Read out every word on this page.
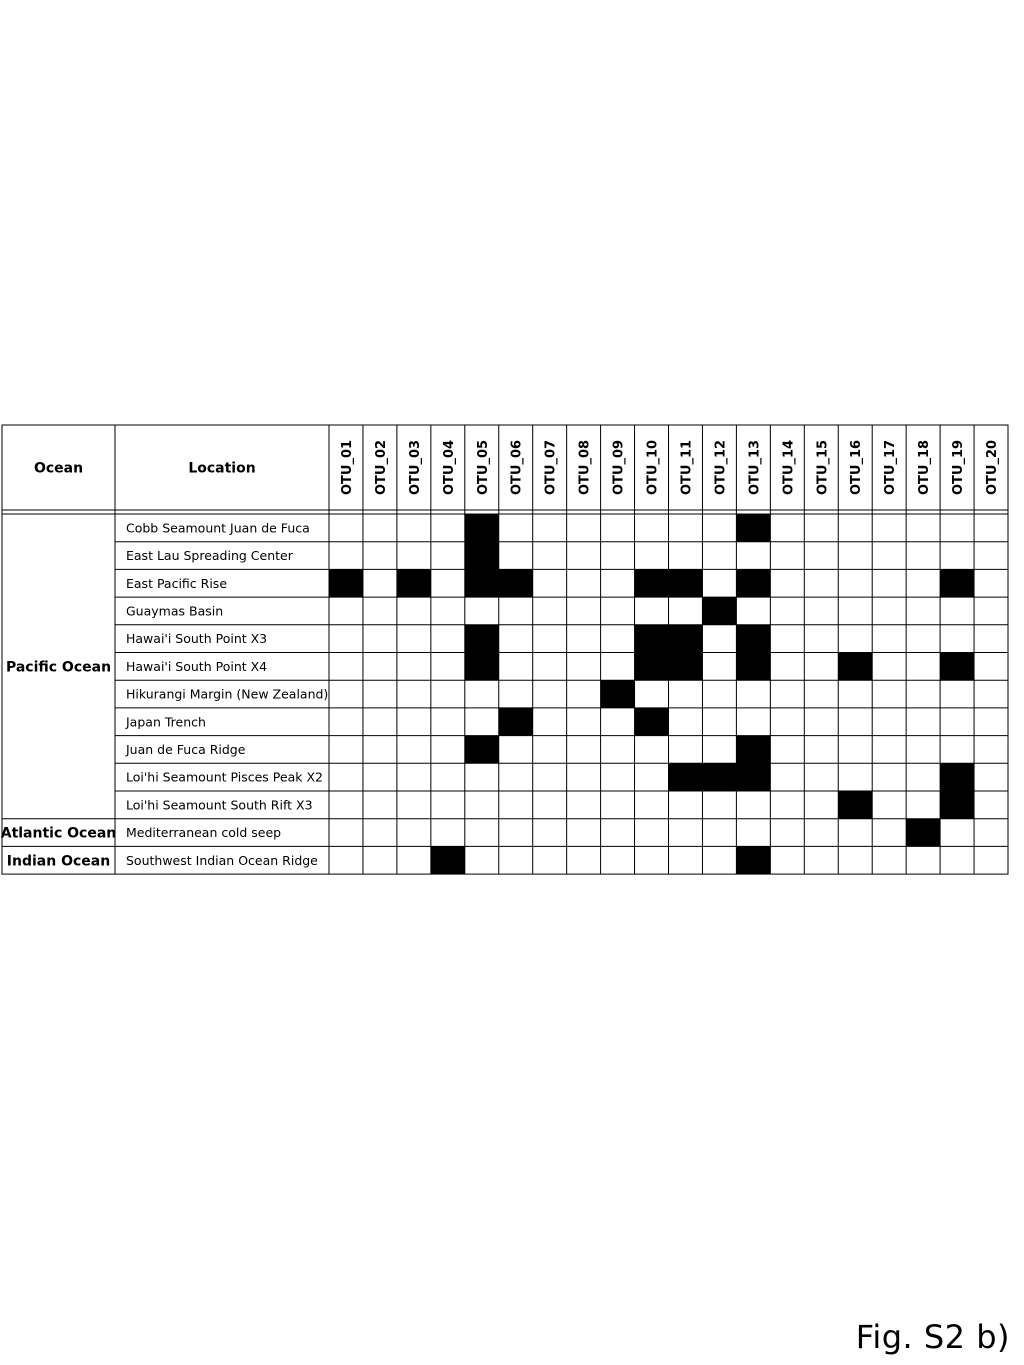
Ocean	Location	OTU_01 OTU_02 OTU_03 OTU_04 OTU_05 OTU_06 OTU_07 OTU_08 OTU_09 OTU_10 OTU_11 OTU_12 OTU_13 OTU_14 OTU_15 OTU_16 OTU_17 OTU_18 OTU_19 OTU_20
Cobb Seamount Juan de Fuca
East Lau Spreading Center
East Pacific Rise
Guaymas Basin
Hawai'i South Point X3
Hawai'i South Point X4
Hikurangi Margin (New Zealand)
Japan Trench
Juan de Fuca Ridge
Loi'hi Seamount Pisces Peak X2
Loi'hi Seamount South Rift X3
Mediterranean cold seep
Southwest Indian Ocean Ridge
Pacific Ocean
Atlantic Ocean
Indian Ocean
Fig. S2 b)
